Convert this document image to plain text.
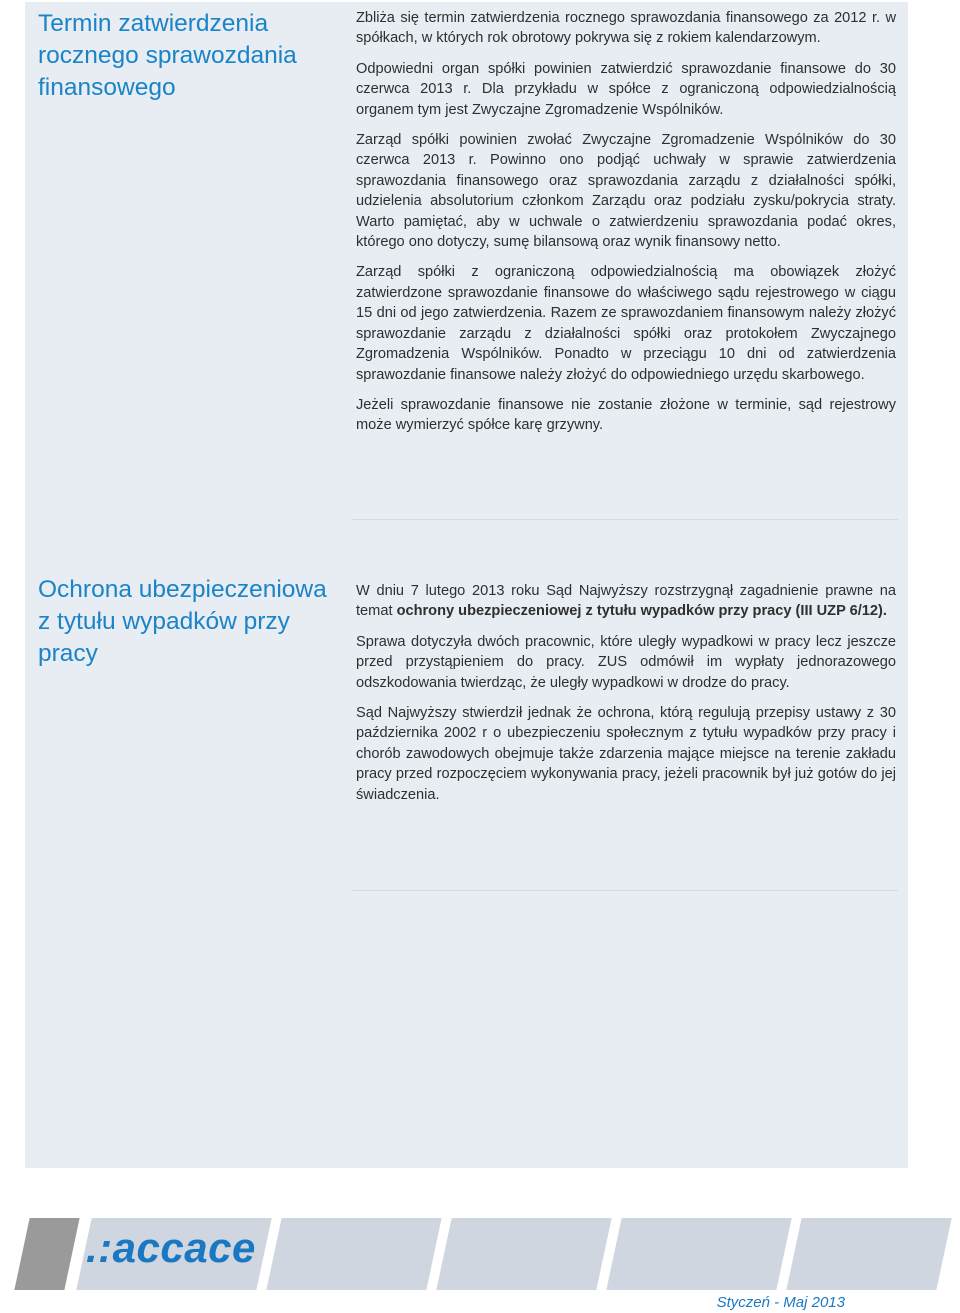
Termin zatwierdzenia
rocznego sprawozdania
finansowego

Zbliża się termin zatwierdzenia rocznego sprawozdania finansowego za 2012 r. w spółkach, w których rok obrotowy pokrywa się z rokiem kalendarzowym.

Odpowiedni organ spółki powinien zatwierdzić sprawozdanie finansowe do 30 czerwca 2013 r. Dla przykładu w spółce z ograniczoną odpowiedzialnością organem tym jest Zwyczajne Zgromadzenie Wspólników.

Zarząd spółki powinien zwołać Zwyczajne Zgromadzenie Wspólników do 30 czerwca 2013 r. Powinno ono podjąć uchwały w sprawie zatwierdzenia sprawozdania finansowego oraz sprawozdania zarządu z działalności spółki, udzielenia absolutorium członkom Zarządu oraz podziału zysku/pokrycia straty. Warto pamiętać, aby w uchwale o zatwierdzeniu sprawozdania podać okres, którego ono dotyczy, sumę bilansową oraz wynik finansowy netto.

Zarząd spółki z ograniczoną odpowiedzialnością ma obowiązek złożyć zatwierdzone sprawozdanie finansowe do właściwego sądu rejestrowego w ciągu 15 dni od jego zatwierdzenia. Razem ze sprawozdaniem finansowym należy złożyć sprawozdanie zarządu z działalności spółki oraz protokołem Zwyczajnego Zgromadzenia Wspólników. Ponadto w przeciągu 10 dni od zatwierdzenia sprawozdanie finansowe należy złożyć do odpowiedniego urzędu skarbowego.

Jeżeli sprawozdanie finansowe nie zostanie złożone w terminie, sąd rejestrowy może wymierzyć spółce karę grzywny.

Ochrona ubezpieczeniowa
z tytułu wypadków przy
pracy

W dniu 7 lutego 2013 roku Sąd Najwyższy rozstrzygnął zagadnienie prawne na temat ochrony ubezpieczeniowej z tytułu wypadków przy pracy (III UZP 6/12).

Sprawa dotyczyła dwóch pracownic, które uległy wypadkowi w pracy lecz jeszcze przed przystąpieniem do pracy. ZUS odmówił im wypłaty jednorazowego odszkodowania twierdząc, że uległy wypadkowi w drodze do pracy.

Sąd Najwyższy stwierdził jednak że ochrona, którą regulują przepisy ustawy z 30 października 2002 r o ubezpieczeniu społecznym z tytułu wypadków przy pracy i chorób zawodowych obejmuje także zdarzenia mające miejsce na terenie zakładu pracy przed rozpoczęciem wykonywania pracy, jeżeli pracownik był już gotów do jej świadczenia.

.:accace

Styczeń - Maj 2013
